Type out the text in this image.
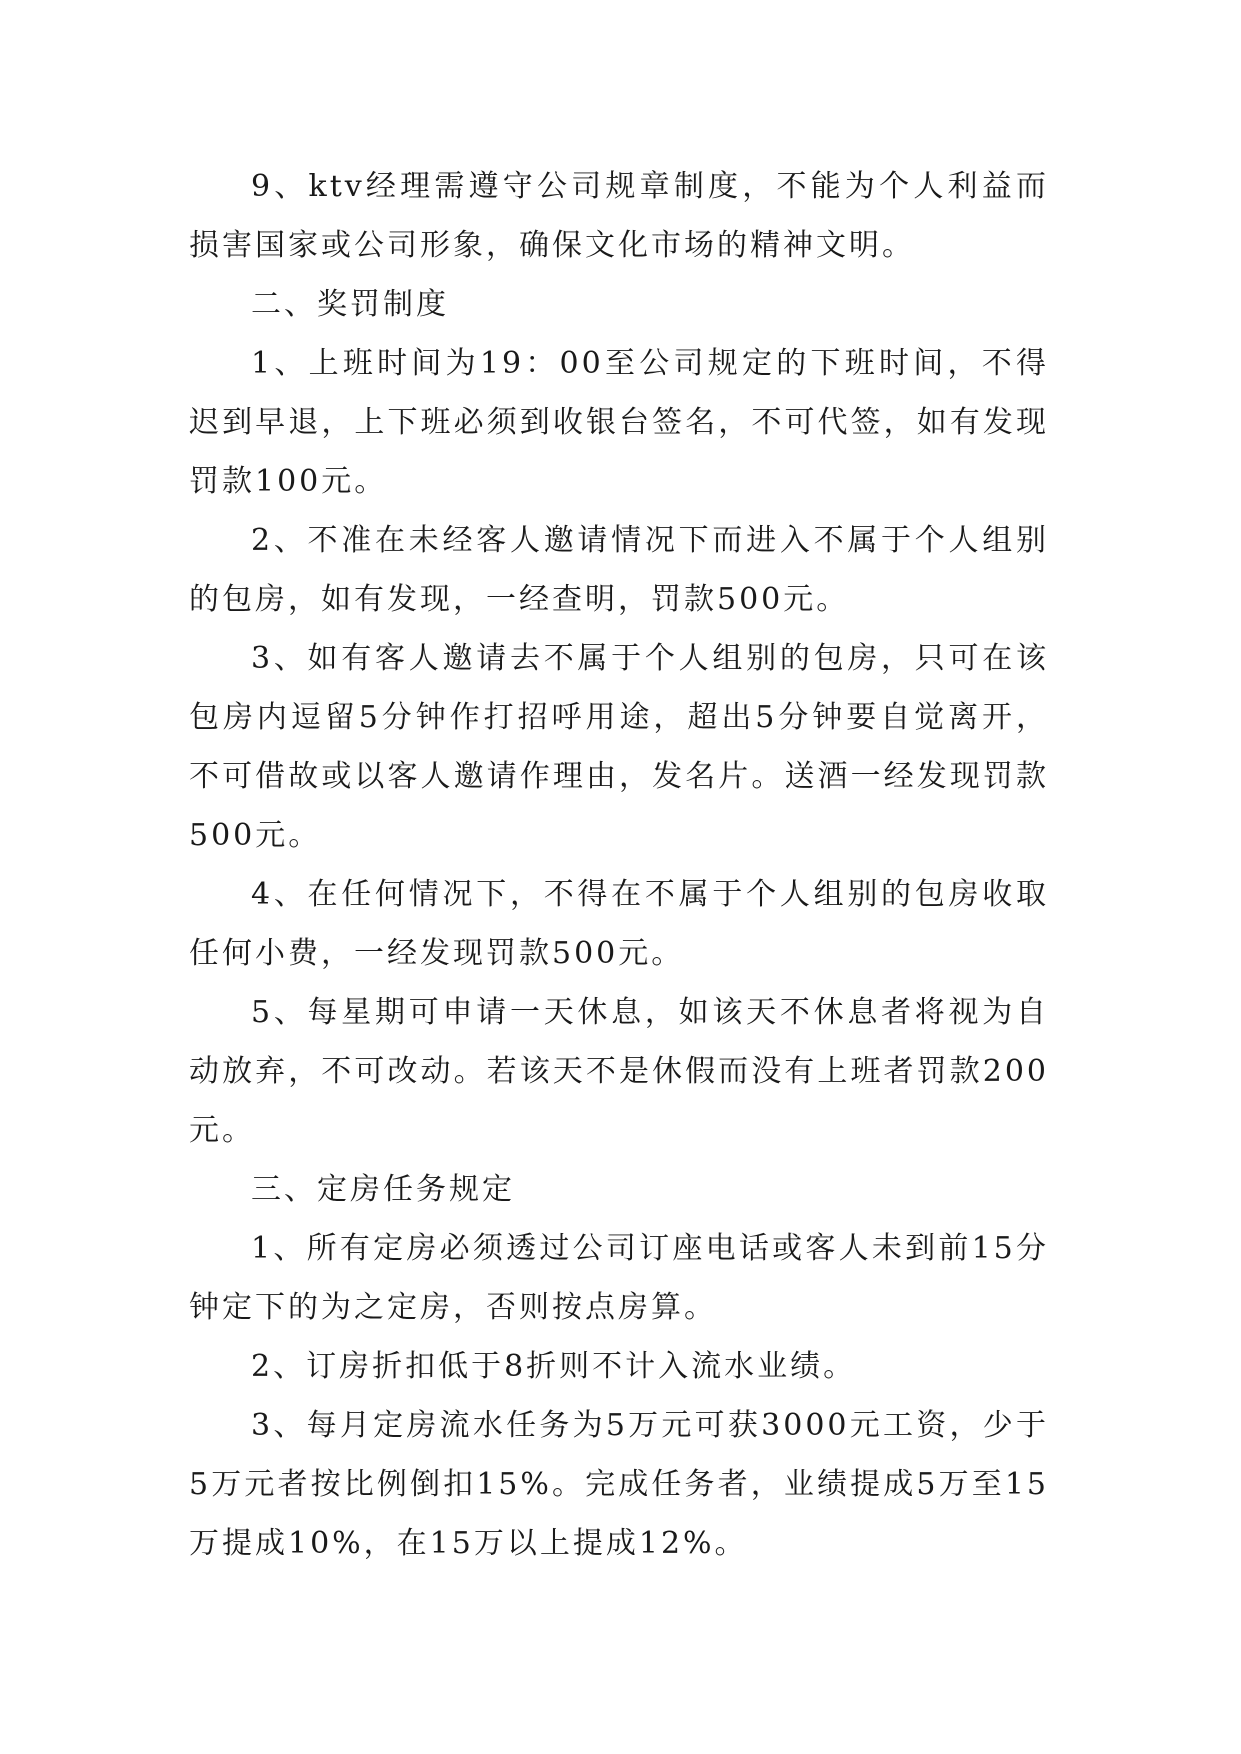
9、ktv经理需遵守公司规章制度，不能为个人利益而损害国家或公司形象，确保文化市场的精神文明。

二、奖罚制度

1、上班时间为19：00至公司规定的下班时间，不得迟到早退，上下班必须到收银台签名，不可代签，如有发现罚款100元。

2、不准在未经客人邀请情况下而进入不属于个人组别的包房，如有发现，一经查明，罚款500元。

3、如有客人邀请去不属于个人组别的包房，只可在该包房内逗留5分钟作打招呼用途，超出5分钟要自觉离开，不可借故或以客人邀请作理由，发名片。送酒一经发现罚款500元。

4、在任何情况下，不得在不属于个人组别的包房收取任何小费，一经发现罚款500元。

5、每星期可申请一天休息，如该天不休息者将视为自动放弃，不可改动。若该天不是休假而没有上班者罚款200元。

三、定房任务规定

1、所有定房必须透过公司订座电话或客人未到前15分钟定下的为之定房，否则按点房算。

2、订房折扣低于8折则不计入流水业绩。

3、每月定房流水任务为5万元可获3000元工资，少于5万元者按比例倒扣15%。完成任务者，业绩提成5万至15万提成10%，在15万以上提成12%。
